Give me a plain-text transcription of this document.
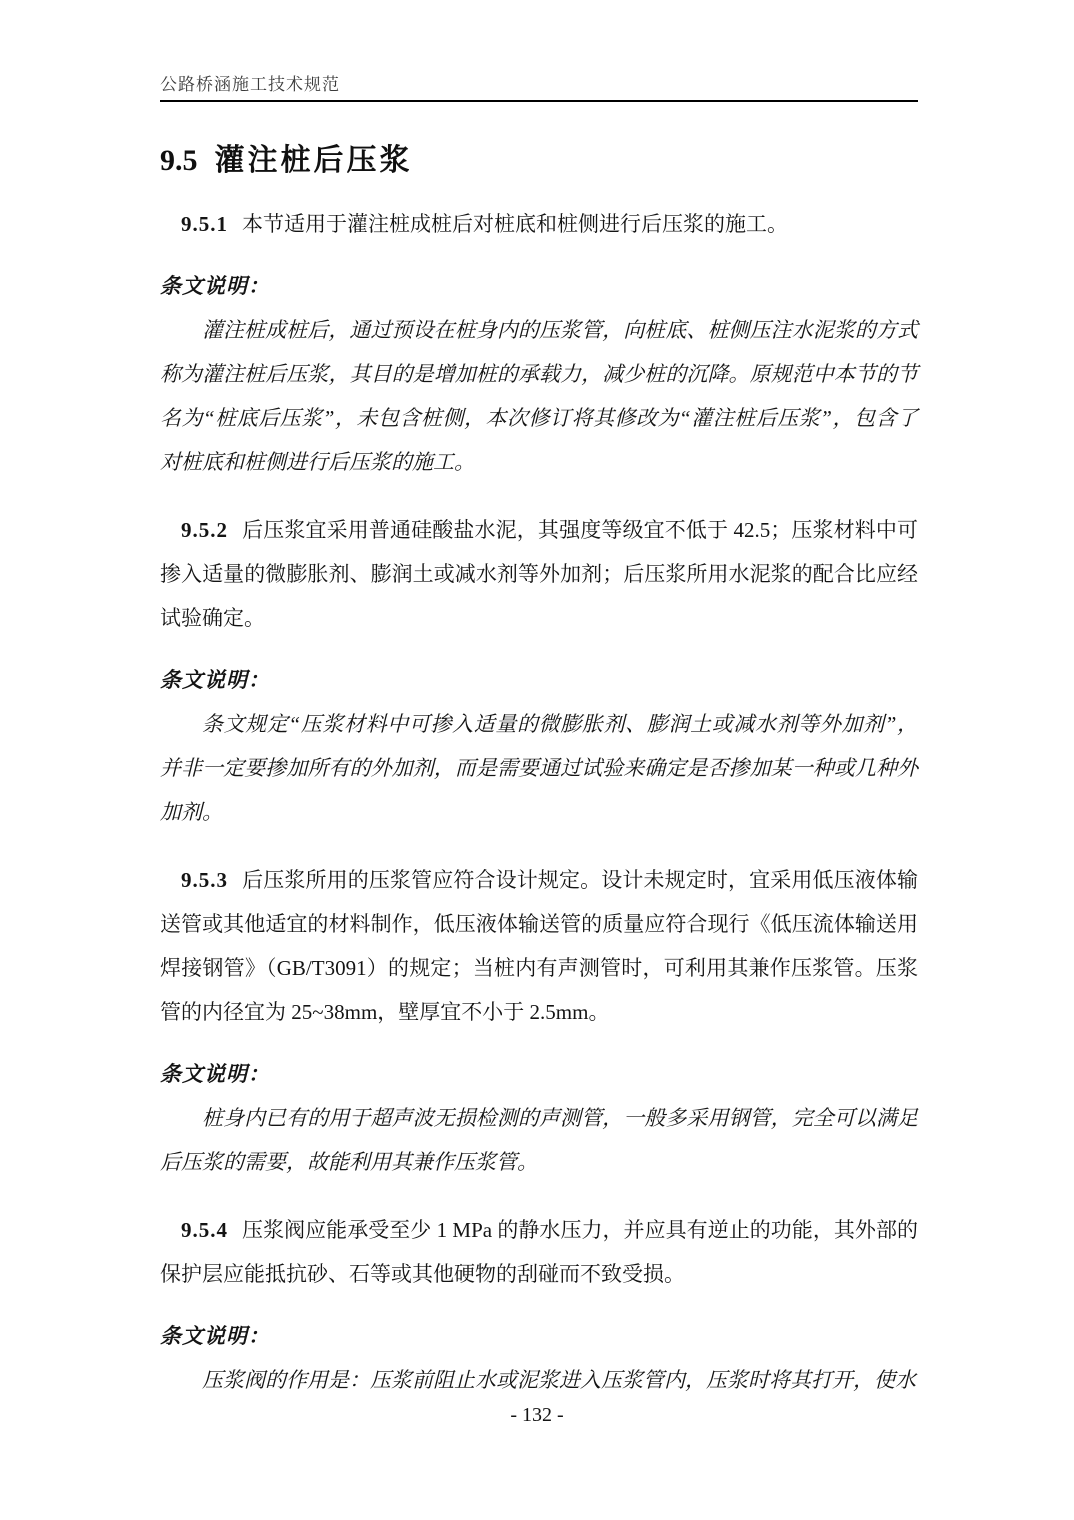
公路桥涵施工技术规范
9.5 灌注桩后压浆

9.5.1 本节适用于灌注桩成桩后对桩底和桩侧进行后压浆的施工。

条文说明：

灌注桩成桩后，通过预设在桩身内的压浆管，向桩底、桩侧压注水泥浆的方式称为灌注桩后压浆，其目的是增加桩的承载力，减少桩的沉降。原规范中本节的节名为“桩底后压浆”，未包含桩侧，本次修订将其修改为“灌注桩后压浆”，包含了对桩底和桩侧进行后压浆的施工。

9.5.2 后压浆宜采用普通硅酸盐水泥，其强度等级宜不低于 42.5；压浆材料中可掺入适量的微膨胀剂、膨润土或减水剂等外加剂；后压浆所用水泥浆的配合比应经试验确定。

条文说明：

条文规定“压浆材料中可掺入适量的微膨胀剂、膨润土或减水剂等外加剂”，并非一定要掺加所有的外加剂，而是需要通过试验来确定是否掺加某一种或几种外加剂。

9.5.3 后压浆所用的压浆管应符合设计规定。设计未规定时，宜采用低压液体输送管或其他适宜的材料制作，低压液体输送管的质量应符合现行《低压流体输送用焊接钢管》（GB/T3091）的规定；当桩内有声测管时，可利用其兼作压浆管。压浆管的内径宜为 25~38mm，壁厚宜不小于 2.5mm。

条文说明：

桩身内已有的用于超声波无损检测的声测管，一般多采用钢管，完全可以满足后压浆的需要，故能利用其兼作压浆管。

9.5.4 压浆阀应能承受至少 1 MPa 的静水压力，并应具有逆止的功能，其外部的保护层应能抵抗砂、石等或其他硬物的刮碰而不致受损。

条文说明：

压浆阀的作用是：压浆前阻止水或泥浆进入压浆管内，压浆时将其打开，使水

- 132 -
